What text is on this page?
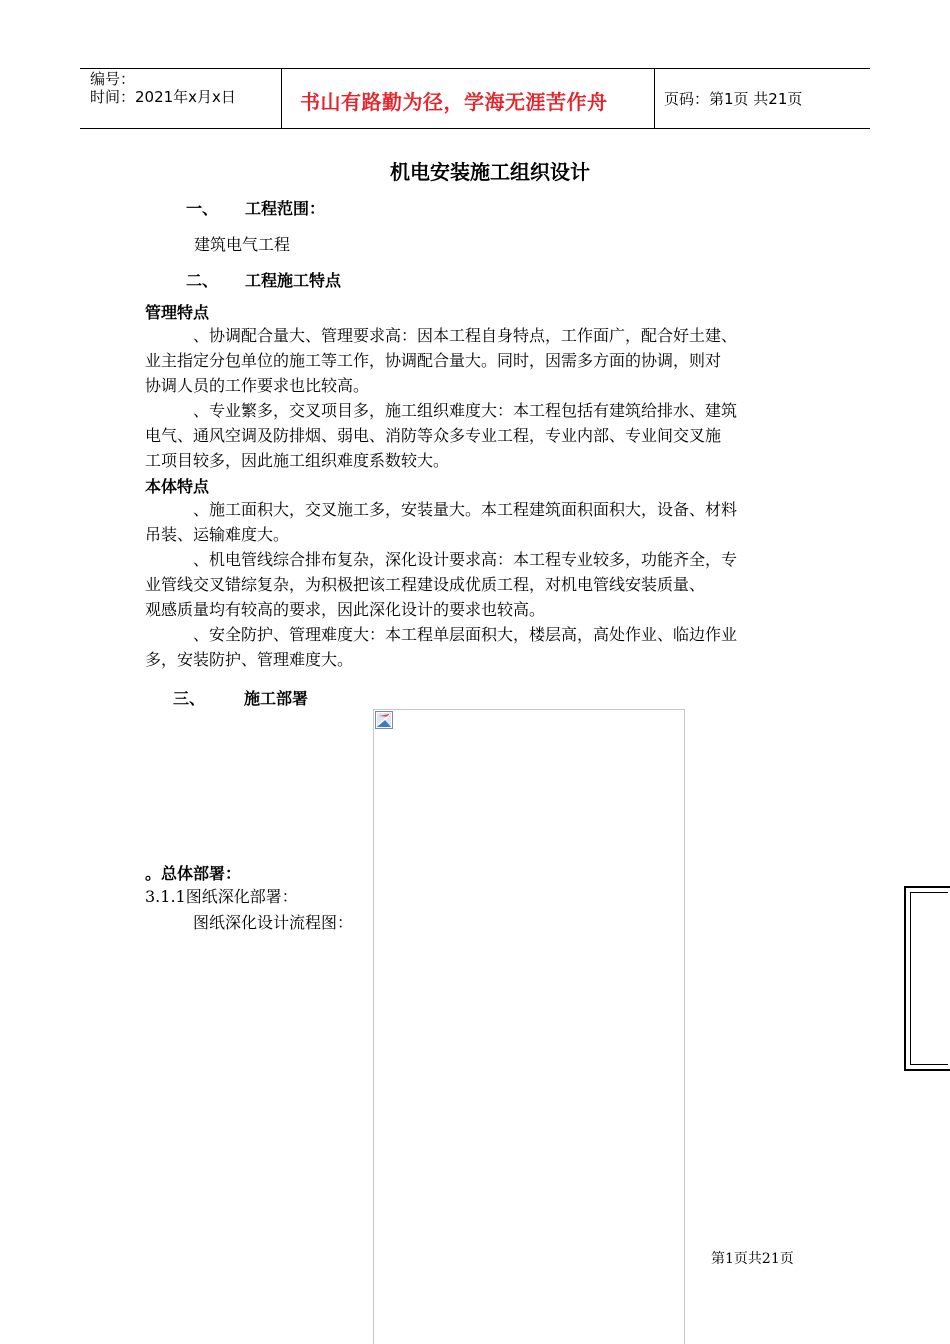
编号：
时间：2021年x月x日	书山有路勤为径，学海无涯苦作舟	页码：第1页 共21页
机电安装施工组织设计
一、 工程范围：
建筑电气工程
二、 工程施工特点
管理特点
、协调配合量大、管理要求高：因本工程自身特点，工作面广，配合好土建、
业主指定分包单位的施工等工作，协调配合量大。同时，因需多方面的协调，则对
协调人员的工作要求也比较高。
、专业繁多，交叉项目多，施工组织难度大：本工程包括有建筑给排水、建筑
电气、通风空调及防排烟、弱电、消防等众多专业工程，专业内部、专业间交叉施
工项目较多，因此施工组织难度系数较大。
本体特点
、施工面积大，交叉施工多，安装量大。本工程建筑面积面积大，设备、材料
吊装、运输难度大。
、机电管线综合排布复杂，深化设计要求高：本工程专业较多，功能齐全，专
业管线交叉错综复杂，为积极把该工程建设成优质工程，对机电管线安装质量、
观感质量均有较高的要求，因此深化设计的要求也较高。
、安全防护、管理难度大：本工程单层面积大，楼层高，高处作业、临边作业
多，安装防护、管理难度大。
三、 施工部署
。总体部署：
3.1.1图纸深化部署：
图纸深化设计流程图：
第1页共21页
